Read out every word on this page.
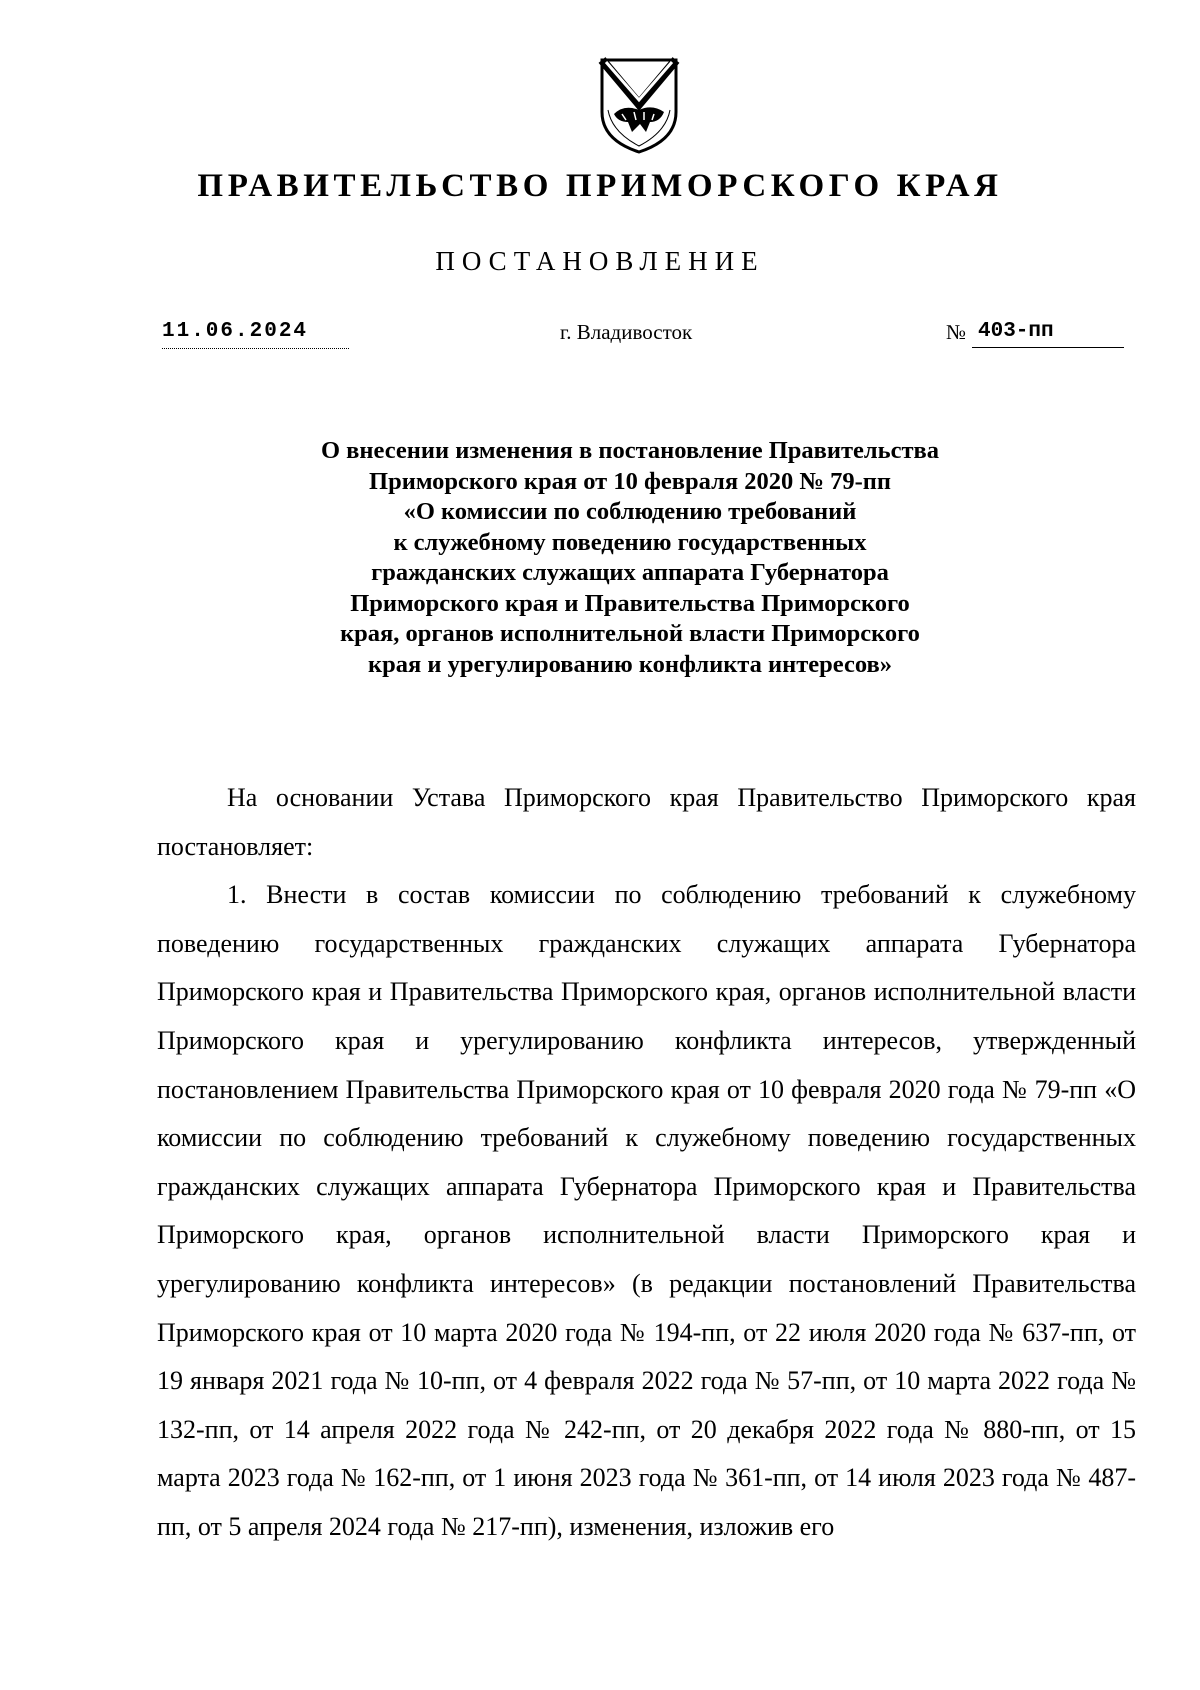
ПРАВИТЕЛЬСТВО ПРИМОРСКОГО КРАЯ
ПОСТАНОВЛЕНИЕ
11.06.2024	г. Владивосток	№ 403-пп
О внесении изменения в постановление Правительства
Приморского края от 10 февраля 2020 № 79-пп
«О комиссии по соблюдению требований
к служебному поведению государственных
гражданских служащих аппарата Губернатора
Приморского края и Правительства Приморского
края, органов исполнительной власти Приморского
края и урегулированию конфликта интересов»

На основании Устава Приморского края Правительство Приморского края постановляет:

1. Внести в состав комиссии по соблюдению требований к служебному поведению государственных гражданских служащих аппарата Губернатора Приморского края и Правительства Приморского края, органов исполнительной власти Приморского края и урегулированию конфликта интересов, утвержденный постановлением Правительства Приморского края от 10 февраля 2020 года № 79-пп «О комиссии по соблюдению требований к служебному поведению государственных гражданских служащих аппарата Губернатора Приморского края и Правительства Приморского края, органов исполнительной власти Приморского края и урегулированию конфликта интересов» (в редакции постановлений Правительства Приморского края от 10 марта 2020 года № 194-пп, от 22 июля 2020 года № 637-пп, от 19 января 2021 года № 10-пп, от 4 февраля 2022 года № 57-пп, от 10 марта 2022 года № 132-пп, от 14 апреля 2022 года № 242-пп, от 20 декабря 2022 года № 880-пп, от 15 марта 2023 года № 162-пп, от 1 июня 2023 года № 361-пп, от 14 июля 2023 года № 487-пп, от 5 апреля 2024 года № 217-пп), изменения, изложив его
